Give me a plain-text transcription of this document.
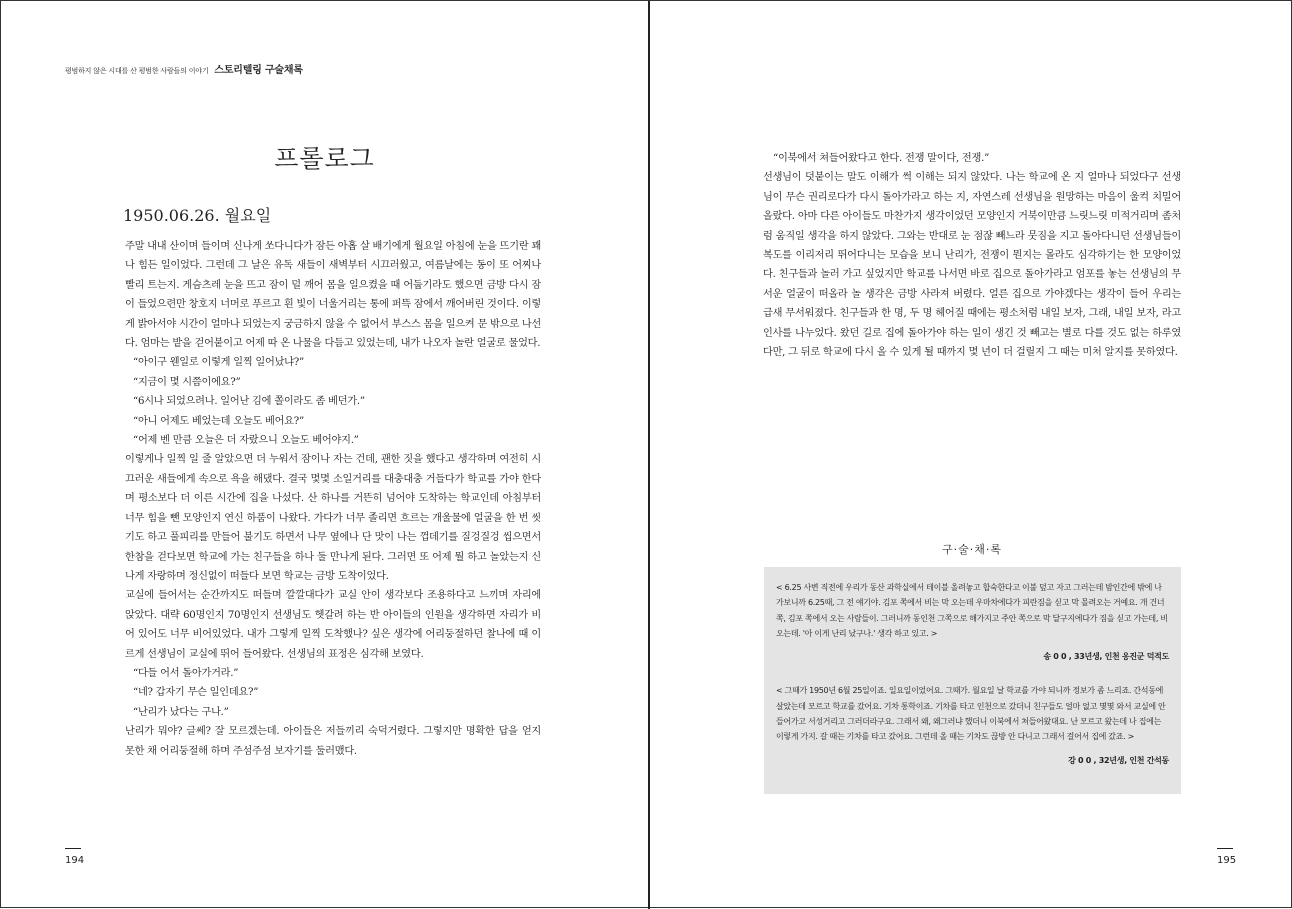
평범하지 않은 시대를 산 평범한 사람들의 이야기 스토리텔링 구술채록
프롤로그
1950.06.26. 월요일

주말 내내 산이며 들이며 신나게 쏘다니다가 잠든 아홉 살 배기에게 월요일 아침에 눈을 뜨기란 꽤나 힘든 일이었다. 그런데 그 날은 유독 새들이 새벽부터 시끄러웠고, 여름날에는 동이 또 어찌나 빨리 트는지. 게슴츠레 눈을 뜨고 잠이 덜 깨어 몸을 일으켰을 때 어둡기라도 했으면 금방 다시 잠이 들었으련만 창호지 너머로 푸르고 흰 빛이 너울거리는 통에 퍼뜩 잠에서 깨어버린 것이다. 이렇게 밝아서야 시간이 얼마나 되었는지 궁금하지 않을 수 없어서 부스스 몸을 일으켜 문 밖으로 나선다. 엄마는 밭을 걷어붙이고 어제 따 온 나물을 다듬고 있었는데, 내가 나오자 놀란 얼굴로 물었다.

“아이구 웬일로 이렇게 일찍 일어났냐?”

“지금이 몇 시쯤이에요?”

“6시나 되었으려나. 일어난 김에 쫄이라도 좀 베던가.”

“아니 어제도 베었는데 오늘도 베어요?”

“어제 벤 만큼 오늘은 더 자랐으니 오늘도 베어야지.”

이렇게나 일찍 일 줄 알았으면 더 누워서 잠이나 자는 건데, 괜한 짓을 했다고 생각하며 여전히 시끄러운 새들에게 속으로 욕을 해댔다. 결국 몇몇 소일거리를 대충대충 거들다가 학교를 가야 한다며 평소보다 더 이른 시간에 집을 나섰다. 산 하나를 거뜬히 넘어야 도착하는 학교인데 아침부터 너무 힘을 뺀 모양인지 연신 하품이 나왔다. 가다가 너무 졸리면 흐르는 개울물에 얼굴을 한 번 씻기도 하고 풀피리를 만들어 불기도 하면서 나무 옆에나 단 맛이 나는 껍데기를 질겅질겅 씹으면서 한참을 걷다보면 학교에 가는 친구들을 하나 둘 만나게 된다. 그러면 또 어제 뭘 하고 놀았는지 신나게 자랑하며 정신없이 떠들다 보면 학교는 금방 도착이었다.

교실에 들어서는 순간까지도 떠들며 깔깔대다가 교실 안이 생각보다 조용하다고 느끼며 자리에 앉았다. 대략 60명인지 70명인지 선생님도 헷갈려 하는 반 아이들의 인원을 생각하면 자리가 비어 있어도 너무 비어있었다. 내가 그렇게 일찍 도착했나? 싶은 생각에 어리둥절하던 찰나에 때 이르게 선생님이 교실에 뛰어 들어왔다. 선생님의 표정은 심각해 보였다.

“다들 어서 돌아가거라.”

“네? 갑자기 무슨 일인데요?”

“난리가 났다는 구나.”

난리가 뭐야? 글쎄? 잘 모르겠는데. 아이들은 저들끼리 숙덕거렸다. 그렇지만 명확한 답을 얻지 못한 채 어리둥절해 하며 주섬주섬 보자기를 둘러맸다.

194

“이북에서 쳐들어왔다고 한다. 전쟁 말이다, 전쟁.”

선생님이 덧붙이는 말도 이해가 썩 이해는 되지 않았다. 나는 학교에 온 지 얼마나 되었다구 선생님이 무슨 권리로다가 다시 돌아가라고 하는 지, 자연스레 선생님을 원망하는 마음이 울컥 치밀어 올랐다. 아마 다른 아이들도 마찬가지 생각이었던 모양인지 거북이만큼 느릿느릿 미적거리며 좀처럼 움직일 생각을 하지 않았다. 그와는 반대로 눈 점잖 빼느라 뭇짐을 지고 돌아다니던 선생님들이 복도를 이리저리 뛰어다니는 모습을 보니 난리가, 전쟁이 뭔지는 몰라도 심각하기는 한 모양이었다. 친구들과 놀러 가고 싶었지만 학교를 나서면 바로 집으로 돌아가라고 엄포를 놓는 선생님의 무서운 얼굴이 떠올라 놀 생각은 금방 사라져 버렸다. 얼른 집으로 가야겠다는 생각이 들어 우리는 급새 무서워졌다. 친구들과 한 명, 두 명 헤어질 때에는 평소처럼 내일 보자, 그래, 내일 보자, 라고 인사를 나누었다. 왔던 길로 집에 돌아가야 하는 일이 생긴 것 빼고는 별로 다를 것도 없는 하루였다만, 그 뒤로 학교에 다시 올 수 있게 될 때까지 몇 년이 더 걸릴지 그 때는 미처 알지를 못하였다.

구·술·채·록

< 6.25 사변 직전에 우리가 동산 과학실에서 테이블 올려놓고 합숙한다고 이불 덮고 자고 그러는데 밤인간에 밖에 나가보니까 6.25때, 그 전 얘기야. 김포 쪽에서 비는 막 오는데 우마차에다가 피란짐을 싣고 막 몰려오는 거예요. 개 건너 쪽, 김포 쪽에서 오는 사람들이. 그러니까 동인천 그쪽으로 해가지고 주안 쪽으로 막 달구지에다가 짐을 싣고 가는데, 비 오는데. '아 이게 난리 났구나.' 생각 하고 있고. >

송 0 0 , 33년생, 인천 옹진군 덕적도

< 그때가 1950년 6월 25일이죠. 일요일이었어요. 그때가. 월요일 날 학교를 가야 되니까 정보가 좀 느리죠. 간석동에 살았는데 모르고 학교를 갔어요. 기차 통학이죠. 기차를 타고 인천으로 갔더니 친구들도 얼마 없고 몇몇 와서 교실에 안 들어가고 서성거리고 그러더라구요. 그래서 왜, 왜그러냐 했더니 이북에서 쳐들어왔대요. 난 모르고 왔는데 나 집에는 이렇게 가지. 갈 때는 기차를 타고 갔어요. 그런데 올 때는 기차도 끊방 안 다니고 그래서 걸어서 집에 갔죠. >

강 0 0 , 32년생, 인천 간석동

195
